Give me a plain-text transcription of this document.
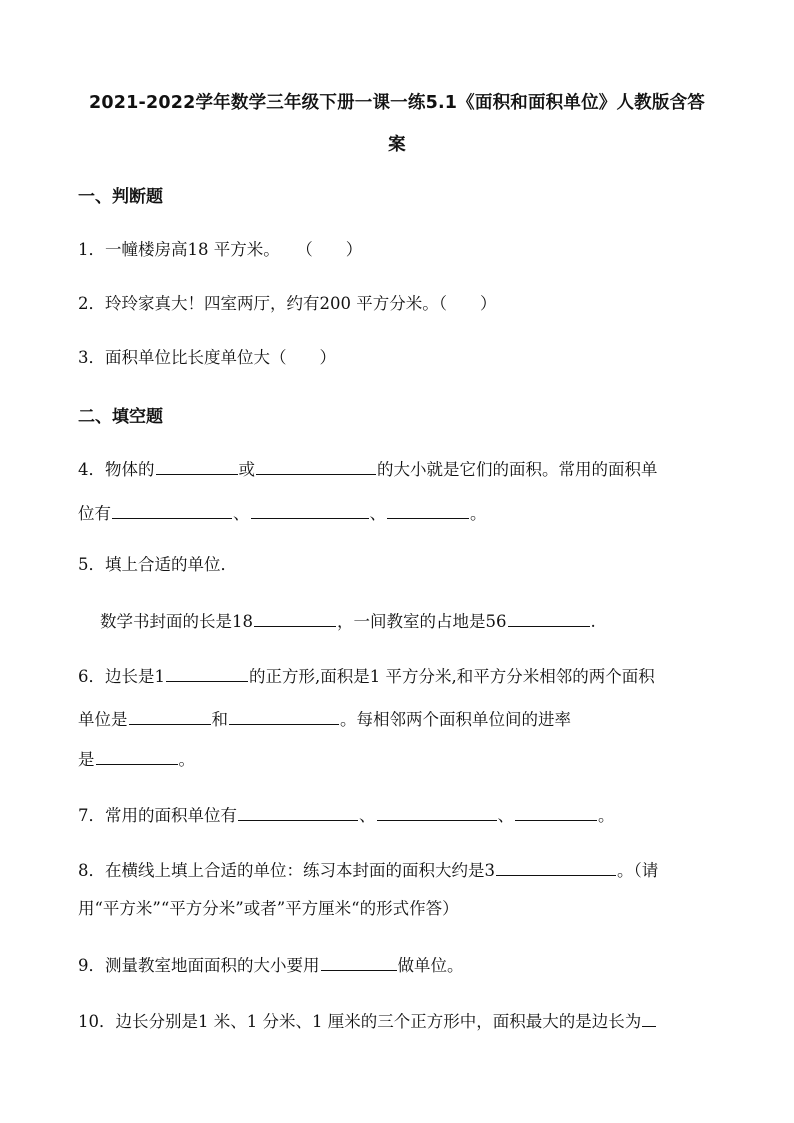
2021-2022学年数学三年级下册一课一练5.1《面积和面积单位》人教版含答
案
一、判断题
1．一幢楼房高18 平方米。　　（　　）
2．玲玲家真大！四室两厅，约有200 平方分米。（　　）
3．面积单位比长度单位大（　　）
二、填空题
4．物体的	或	的大小就是它们的面积。常用的面积单
位有	、	、	。
5．填上合适的单位．
数学书封面的长是18	，一间教室的占地是56	.
6．边长是1	的正方形,面积是1 平方分米,和平方分米相邻的两个面积
单位是	和	。每相邻两个面积单位间的进率
是	。
7．常用的面积单位有	、	、	。
8．在横线上填上合适的单位：练习本封面的面积大约是3	。（请
用“平方米”“平方分米”或者”平方厘米“的形式作答）
9．测量教室地面面积的大小要用	做单位。
10．边长分别是1 米、1 分米、1 厘米的三个正方形中，面积最大的是边长为
